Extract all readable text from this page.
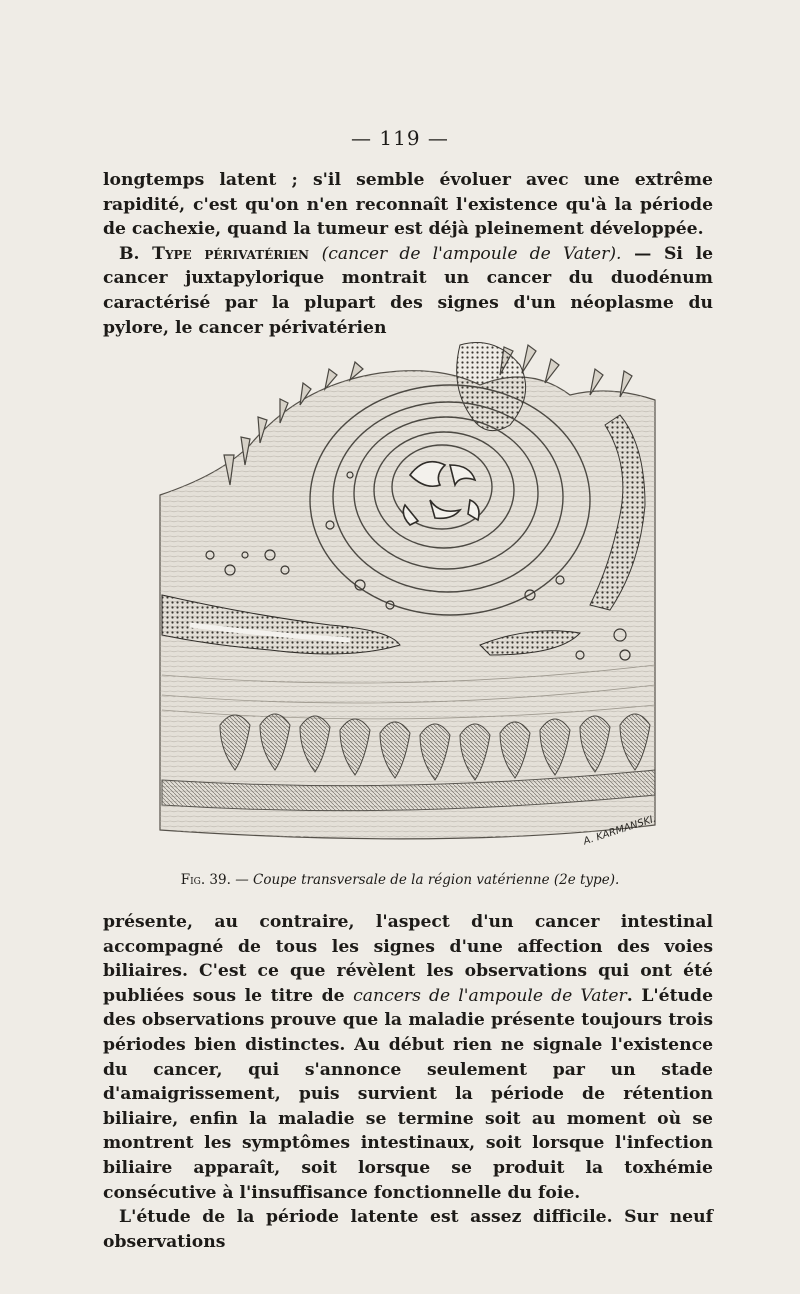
— 119 —

longtemps latent ; s'il semble évoluer avec une extrême rapidité, c'est qu'on n'en reconnaît l'existence qu'à la période de cachexie, quand la tumeur est déjà pleinement développée.

B. Type périvatérien (cancer de l'ampoule de Vater). — Si le cancer juxtapylorique montrait un cancer du duodénum caractérisé par la plupart des signes d'un néoplasme du pylore, le cancer périvatérien

A. KARMANSKI.
Fig. 39. — Coupe transversale de la région vatérienne (2e type).

présente, au contraire, l'aspect d'un cancer intestinal accompagné de tous les signes d'une affection des voies biliaires. C'est ce que révèlent les observations qui ont été publiées sous le titre de cancers de l'ampoule de Vater. L'étude des observations prouve que la maladie présente toujours trois périodes bien distinctes. Au début rien ne signale l'existence du cancer, qui s'annonce seulement par un stade d'amaigrissement, puis survient la période de rétention biliaire, enfin la maladie se termine soit au moment où se montrent les symptômes intestinaux, soit lorsque l'infection biliaire apparaît, soit lorsque se produit la toxhémie consécutive à l'insuffisance fonctionnelle du foie.

L'étude de la période latente est assez difficile. Sur neuf observations
